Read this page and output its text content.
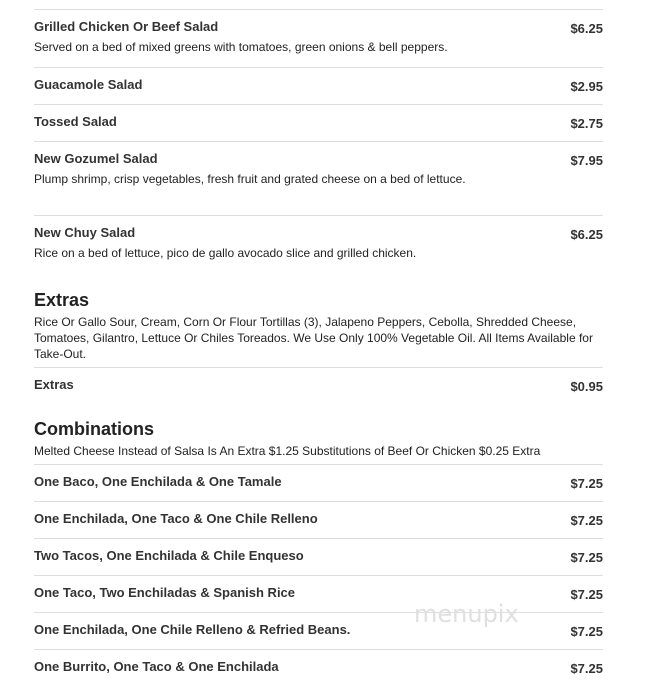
Grilled Chicken Or Beef Salad	$6.25
Served on a bed of mixed greens with tomatoes, green onions & bell peppers.
Guacamole Salad	$2.95
Tossed Salad	$2.75
New Gozumel Salad	$7.95
Plump shrimp, crisp vegetables, fresh fruit and grated cheese on a bed of lettuce.
New Chuy Salad	$6.25
Rice on a bed of lettuce, pico de gallo avocado slice and grilled chicken.
Extras
Rice Or Gallo Sour, Cream, Corn Or Flour Tortillas (3), Jalapeno Peppers, Cebolla, Shredded Cheese, Tomatoes, Gilantro, Lettuce Or Chiles Toreados. We Use Only 100% Vegetable Oil. All Items Available for Take-Out.
Extras	$0.95
Combinations
Melted Cheese Instead of Salsa Is An Extra $1.25 Substitutions of Beef Or Chicken $0.25 Extra
One Baco, One Enchilada & One Tamale	$7.25
One Enchilada, One Taco & One Chile Relleno	$7.25
Two Tacos, One Enchilada & Chile Enqueso	$7.25
One Taco, Two Enchiladas & Spanish Rice	$7.25
One Enchilada, One Chile Relleno & Refried Beans.	$7.25
One Burrito, One Taco & One Enchilada	$7.25
menupix
